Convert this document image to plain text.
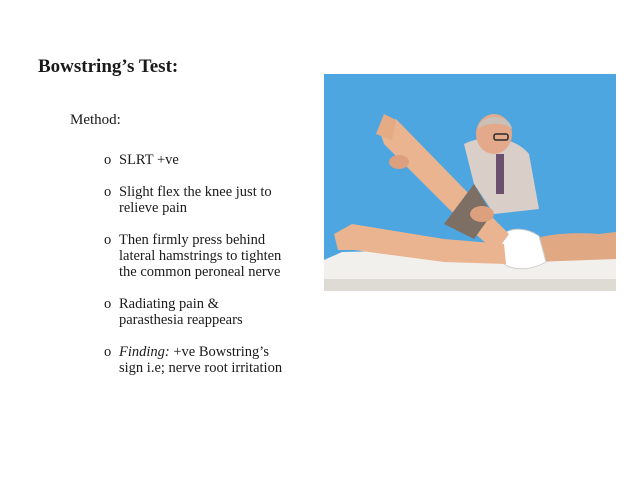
Bowstring’s Test:
Method:
o SLRT +ve
o Slight flex the knee just to
relieve pain
o Then firmly press behind
lateral hamstrings to tighten
the common peroneal nerve
o Radiating pain &
parasthesia reappears
o Finding: +ve Bowstring’s
sign i.e; nerve root irritation
